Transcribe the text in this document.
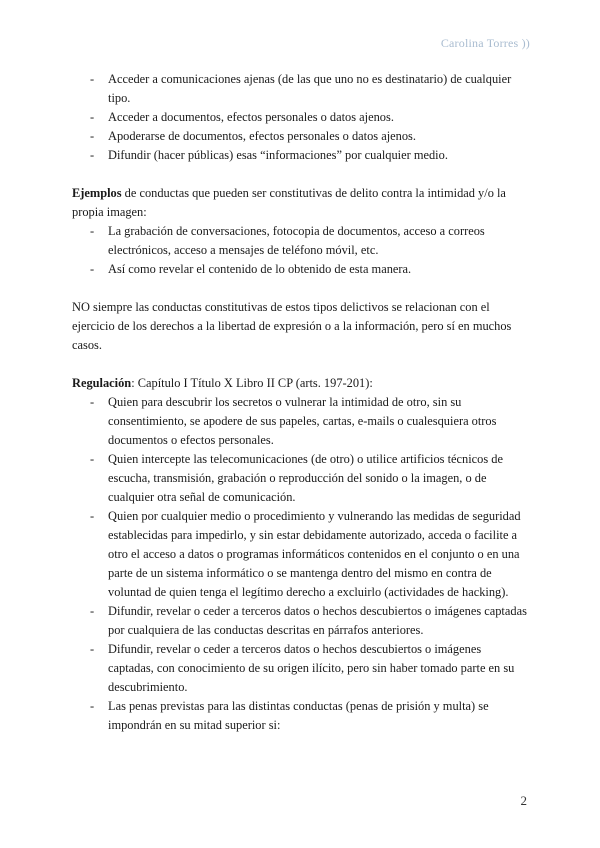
Carolina Torres ))
- Acceder a comunicaciones ajenas (de las que uno no es destinatario) de cualquier tipo.
- Acceder a documentos, efectos personales o datos ajenos.
- Apoderarse de documentos, efectos personales o datos ajenos.
- Difundir (hacer públicas) esas “informaciones” por cualquier medio.

Ejemplos de conductas que pueden ser constitutivas de delito contra la intimidad y/o la propia imagen:

- La grabación de conversaciones, fotocopia de documentos, acceso a correos electrónicos, acceso a mensajes de teléfono móvil, etc.
- Así como revelar el contenido de lo obtenido de esta manera.

NO siempre las conductas constitutivas de estos tipos delictivos se relacionan con el ejercicio de los derechos a la libertad de expresión o a la información, pero sí en muchos casos.

Regulación: Capítulo I Título X Libro II CP (arts. 197-201):

- Quien para descubrir los secretos o vulnerar la intimidad de otro, sin su consentimiento, se apodere de sus papeles, cartas, e-mails o cualesquiera otros documentos o efectos personales.
- Quien intercepte las telecomunicaciones (de otro) o utilice artificios técnicos de escucha, transmisión, grabación o reproducción del sonido o la imagen, o de cualquier otra señal de comunicación.
- Quien por cualquier medio o procedimiento y vulnerando las medidas de seguridad establecidas para impedirlo, y sin estar debidamente autorizado, acceda o facilite a otro el acceso a datos o programas informáticos contenidos en el conjunto o en una parte de un sistema informático o se mantenga dentro del mismo en contra de voluntad de quien tenga el legítimo derecho a excluirlo (actividades de hacking).
- Difundir, revelar o ceder a terceros datos o hechos descubiertos o imágenes captadas por cualquiera de las conductas descritas en párrafos anteriores.
- Difundir, revelar o ceder a terceros datos o hechos descubiertos o imágenes captadas, con conocimiento de su origen ilícito, pero sin haber tomado parte en su descubrimiento.
- Las penas previstas para las distintas conductas (penas de prisión y multa) se impondrán en su mitad superior si:
2
